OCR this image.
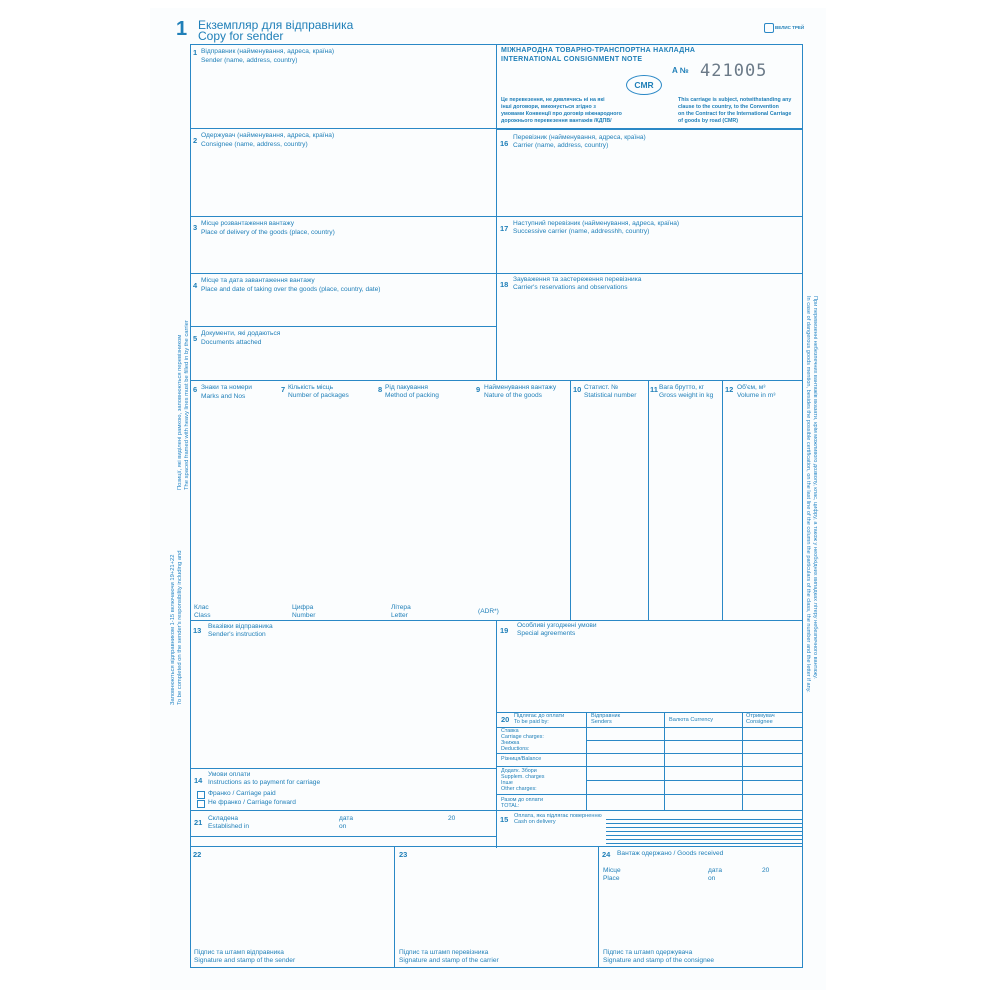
1 Екземпляр для відправника
Copy for sender
ВЕЛИС ТРЕЙ
1 Відправник (найменування, адреса, країна)
Sender (name, address, country)
МІЖНАРОДНА ТОВАРНО-ТРАНСПОРТНА НАКЛАДНА
INTERNATIONAL CONSIGNMENT NOTE
CMR
A № 421005
Це перевезення, не дивлячись ні на які
інші договори, виконується згідно з
умовами Конвенції про договір міжнародного
дорожнього перевезення вантажів /КДПВ/
This carriage is subject, notwithstanding any
clause to the country, to the Convention
on the Contract for the International Carriage
of goods by road (CMR)
2
Одержувач (найменування, адреса, країна)
Consignee (name, address, country)	16
Перевізник (найменування, адреса, країна)
Carrier (name, address, country)
3 Місце розвантаження вантажу
Place of delivery of the goods (place, country)	17
Наступний перевізник (найменування, адреса, країна)
Successive carrier (name, addresshh, country)
4
Місце та дата завантаження вантажу
Place and date of taking over the goods (place, country, date)
18
Зауваження та застереження перевізника
Carrier's reservations and observations
5
Документи, які додаються
Documents attached
6 Знаки та номери
Marks and Nos
7 Кількість місць
Number of packages
8 Рід пакування
Method of packing
9 Найменування вантажу
Nature of the goods
10 Статист. №
Statistical number
11 Вага брутто, кг
Gross weight in kg
12 Об'єм, м³
Volume in m³
Клас
Class
Цифра
Number
Літера
Letter
(ADR*)
13 Вказівки відправника
Sender's instruction	19
Особливі узгоджені умови
Special agreements
20 Підлягає до оплати
To be paid by:
Відправник
Senders	Валюта Currency
Отримувач
Consignee
Ставка
Carriage charges:
Знижка
Deductions:
Різниця/Balance
Додатк. Збори
Supplem. charges
Inше
Other charges:
Разом до оплати
TOTAL:
14
Умови оплати
Instructions as to payment for carriage
Франко / Carriage paid
Не франко / Carriage forward
21 Складена
Established in
дата
on
20	15 Оплата, яка підлягає поверненню
Cash on delivery
22
Підпис та штамп відправника
Signature and stamp of the sender
23
Підпис та штамп перевізника
Signature and stamp of the carrier
24 Вантаж одержано / Goods received
Місце
Place
дата
on
20
Підпис та штамп одержувача
Signature and stamp of the consignee
Заповнюються відправником 1-15 включаючи 19+21+22 To be completed on the sender's responsibility including and
Позиції, які виділені рамкою, заповнюються перевізником The spaced framed with heavy lines must be filled in by the carrier	При перевезенні небезпечних вантажів вказати, крім можливого дозволу, клас, цифру, а також у необхідних випадках літеру небезпечного вантажу.
In case of dangerous goods mention, besides the possible certification, on the last line of the column the particulars of the class, the number and the letter if any.
